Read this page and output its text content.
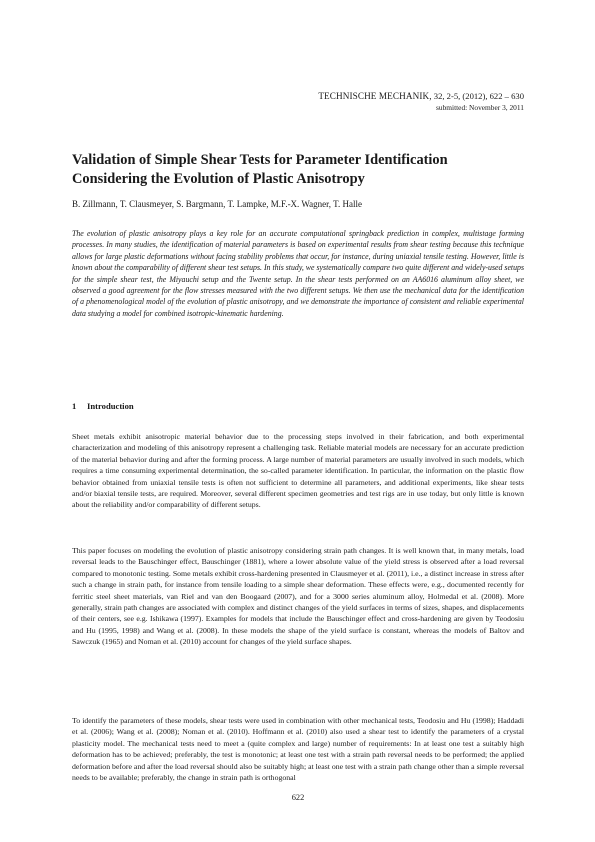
TECHNISCHE MECHANIK, 32, 2-5, (2012), 622 – 630
submitted: November 3, 2011
Validation of Simple Shear Tests for Parameter Identification Considering the Evolution of Plastic Anisotropy
B. Zillmann, T. Clausmeyer, S. Bargmann, T. Lampke, M.F.-X. Wagner, T. Halle

The evolution of plastic anisotropy plays a key role for an accurate computational springback prediction in complex, multistage forming processes. In many studies, the identification of material parameters is based on experimental results from shear testing because this technique allows for large plastic deformations without facing stability problems that occur, for instance, during uniaxial tensile testing. However, little is known about the comparability of different shear test setups. In this study, we systematically compare two quite different and widely-used setups for the simple shear test, the Miyauchi setup and the Twente setup. In the shear tests performed on an AA6016 aluminum alloy sheet, we observed a good agreement for the flow stresses measured with the two different setups. We then use the mechanical data for the identification of a phenomenological model of the evolution of plastic anisotropy, and we demonstrate the importance of consistent and reliable experimental data studying a model for combined isotropic-kinematic hardening.

1 Introduction

Sheet metals exhibit anisotropic material behavior due to the processing steps involved in their fabrication, and both experimental characterization and modeling of this anisotropy represent a challenging task. Reliable material models are necessary for an accurate prediction of the material behavior during and after the forming process. A large number of material parameters are usually involved in such models, which requires a time consuming experimental determination, the so-called parameter identification. In particular, the information on the plastic flow behavior obtained from uniaxial tensile tests is often not sufficient to determine all parameters, and additional experiments, like shear tests and/or biaxial tensile tests, are required. Moreover, several different specimen geometries and test rigs are in use today, but only little is known about the reliability and/or comparability of different setups.

This paper focuses on modeling the evolution of plastic anisotropy considering strain path changes. It is well known that, in many metals, load reversal leads to the Bauschinger effect, Bauschinger (1881), where a lower absolute value of the yield stress is observed after a load reversal compared to monotonic testing. Some metals exhibit cross-hardening presented in Clausmeyer et al. (2011), i.e., a distinct increase in stress after such a change in strain path, for instance from tensile loading to a simple shear deformation. These effects were, e.g., documented recently for ferritic steel sheet materials, van Riel and van den Boogaard (2007), and for a 3000 series aluminum alloy, Holmedal et al. (2008). More generally, strain path changes are associated with complex and distinct changes of the yield surfaces in terms of sizes, shapes, and displacements of their centers, see e.g. Ishikawa (1997). Examples for models that include the Bauschinger effect and cross-hardening are given by Teodosiu and Hu (1995, 1998) and Wang et al. (2008). In these models the shape of the yield surface is constant, whereas the models of Baltov and Sawczuk (1965) and Noman et al. (2010) account for changes of the yield surface shapes.

To identify the parameters of these models, shear tests were used in combination with other mechanical tests, Teodosiu and Hu (1998); Haddadi et al. (2006); Wang et al. (2008); Noman et al. (2010). Hoffmann et al. (2010) also used a shear test to identify the parameters of a crystal plasticity model. The mechanical tests need to meet a (quite complex and large) number of requirements: In at least one test a suitably high deformation has to be achieved; preferably, the test is monotonic; at least one test with a strain path reversal needs to be performed; the applied deformation before and after the load reversal should also be suitably high; at least one test with a strain path change other than a simple reversal needs to be available; preferably, the change in strain path is orthogonal

622
